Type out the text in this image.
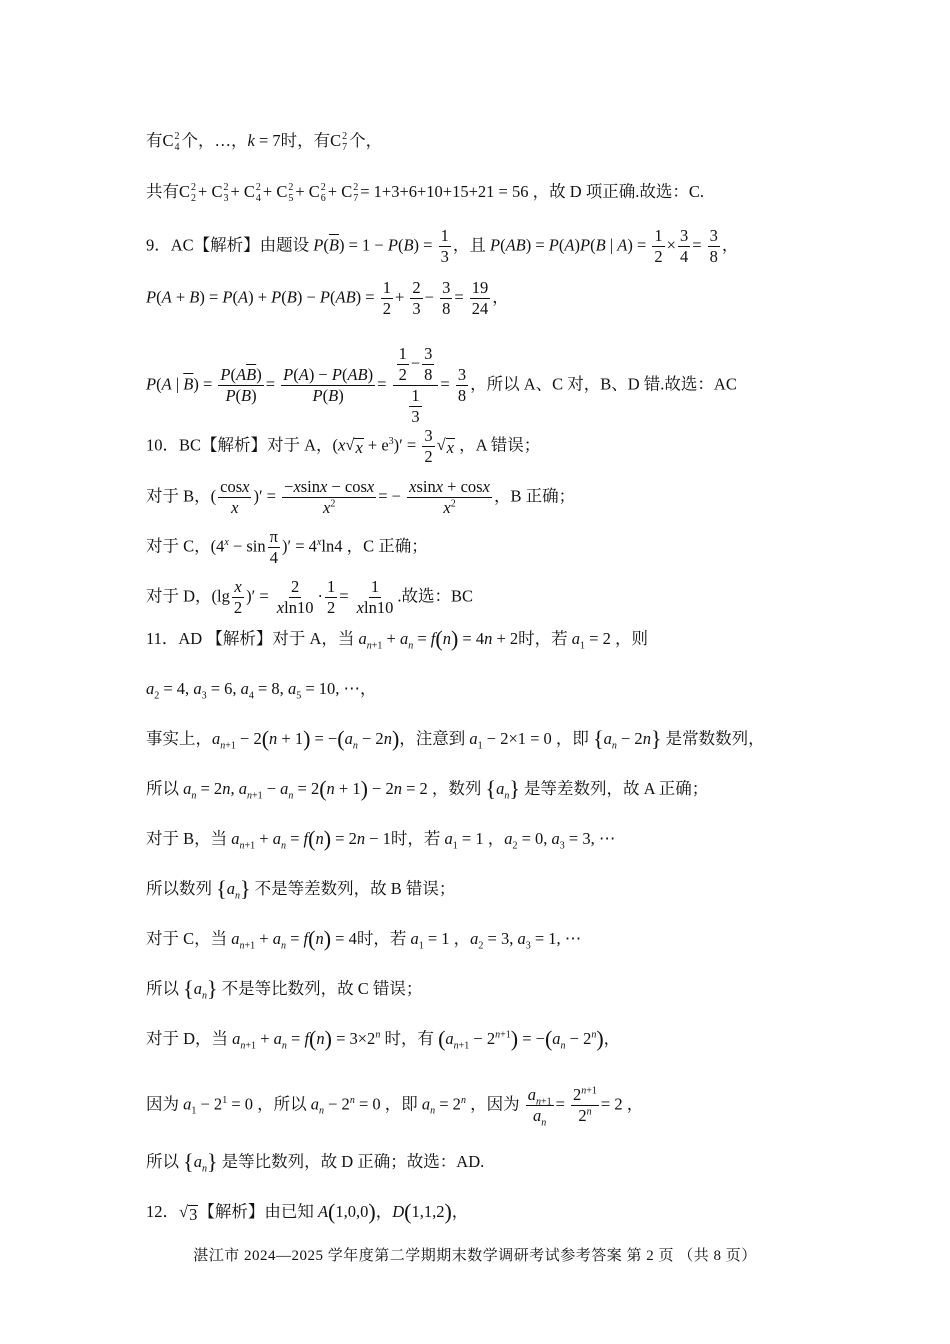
有C 2
4 个，…，k = 7时，有C 2
7 个，
共有C 2
2 + C 2
3 + C 2
4 + C 2
5 + C 2
6 + C 2
7 = 1+3+6+10+15+21 = 56 ，故 D 项正确.故选：C.
9．AC【解析】由题设 $P(\overline{B}) = 1 - P(B) = \frac{1}{3}$ ，且 P(AB) = P(A)P(B | $A) = \frac{1}{2} \times \frac{3}{4} = \frac{3}{8}$ ，
$P(A + B) = P(A) + P(B) - P(AB) = \frac{1}{2} + \frac{2}{3} - \frac{3}{8} = \frac{19}{24}$ ，
P(A | $\overline{B}) = \frac{P(A\overline{B})}{P(\overline{B})} = \frac{P(A) - P(AB)}{P(\overline{B})} = \frac{\frac{1}{2} - \frac{3}{8}}{\frac{1}{3}} = \frac{3}{8}$ ，所以 A、C 对，B、D 错.故选：AC
10．BC【解析】对于 A，(x√ $x + e^3)' = \frac{3}{2}$ √ x ，A 错误；
对于 B，( $\frac{\cos x}{x}$ )′ = $\frac{-xsinx - \cos x}{x^2}$ = − $\frac{xsinx + \cos x}{x^2}$ ，B 正确；
对于 C，($4^x - \sin \frac{\pi}{4}$ )′ = $4^x\ln 4$ ，C 正确；
对于 D，($\lg \frac{x}{2}$ )′ = $\frac{2}{xln10} \cdot \frac{1}{2} = \frac{1}{xln10}$ .故选：BC
11．AD 【解析】对于 A，当 $a_{n+1} + a_n = f(n) = 4n + 2$时，若 $a_1 = 2$ ，则
$a_2 = 4$, $a_3 = 6$, $a_4 = 8$, $a_5 = 10$, ⋯，
事实上，$a_{n+1} - 2(n + 1) = -(a_n - 2n)$，注意到 $a_1 - 2\times 1 = 0$ ，即 $\{a_n - 2n\}$ 是常数数列，
所以 $a_n = 2n$, $a_{n+1} - a_n = 2(n + 1) - 2n = 2$ ，数列 $\{a_n\}$ 是等差数列，故 A 正确；
对于 B，当 $a_{n+1} + a_n = f(n) = 2n - 1$时，若 $a_1 = 1$ ，$a_2 = 0$, $a_3 = 3$, ⋯
所以数列 $\{a_n\}$ 不是等差数列，故 B 错误；
对于 C，当 $a_{n+1} + a_n = f(n) = 4$时，若 $a_1 = 1$ ，$a_2 = 3$, $a_3 = 1$, ⋯
所以 $\{a_n\}$ 不是等比数列，故 C 错误；
对于 D，当 $a_{n+1} + a_n = f(n) = 3\times 2^n$ 时，有 $(a_{n+1} - 2^{n+1}) = -(a_n - 2^n)$，
因为 $a_1 - 2^1 = 0$ ，所以 $a_n - 2^n = 0$ ，即 $a_n = 2^n$ ，因为 $\frac{a_{n+1}}{a_n} = \frac{2^{n+1}}{2^n} = 2$ ，
所以 $\{a_n\}$ 是等比数列，故 D 正确；故选：AD.
12．√ 3 【解析】由已知 A(1,0,0)，D(1,1,2)，
湛江市 2024—2025 学年度第二学期期末数学调研考试参考答案 第 2 页 （共 8 页）
